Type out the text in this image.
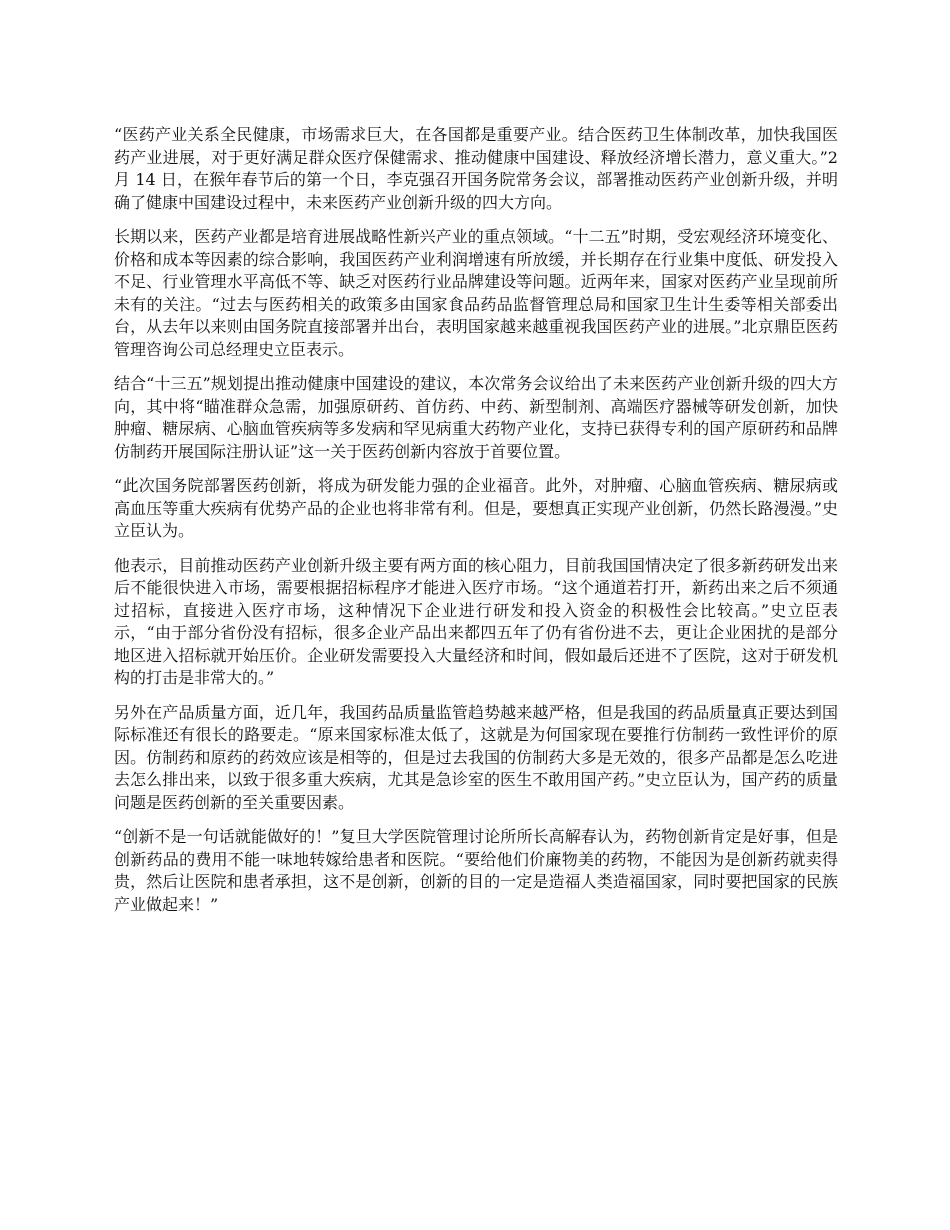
“医药产业关系全民健康，市场需求巨大，在各国都是重要产业。结合医药卫生体制改革，加快我国医药产业进展，对于更好满足群众医疗保健需求、推动健康中国建设、释放经济增长潜力，意义重大。”2 月 14 日，在猴年春节后的第一个日，李克强召开国务院常务会议，部署推动医药产业创新升级，并明确了健康中国建设过程中，未来医药产业创新升级的四大方向。

长期以来，医药产业都是培育进展战略性新兴产业的重点领域。“十二五”时期，受宏观经济环境变化、价格和成本等因素的综合影响，我国医药产业利润增速有所放缓，并长期存在行业集中度低、研发投入不足、行业管理水平高低不等、缺乏对医药行业品牌建设等问题。近两年来，国家对医药产业呈现前所未有的关注。“过去与医药相关的政策多由国家食品药品监督管理总局和国家卫生计生委等相关部委出台，从去年以来则由国务院直接部署并出台，表明国家越来越重视我国医药产业的进展。”北京鼎臣医药管理咨询公司总经理史立臣表示。

结合“十三五”规划提出推动健康中国建设的建议，本次常务会议给出了未来医药产业创新升级的四大方向，其中将“瞄准群众急需，加强原研药、首仿药、中药、新型制剂、高端医疗器械等研发创新，加快肿瘤、糖尿病、心脑血管疾病等多发病和罕见病重大药物产业化，支持已获得专利的国产原研药和品牌仿制药开展国际注册认证”这一关于医药创新内容放于首要位置。

“此次国务院部署医药创新，将成为研发能力强的企业福音。此外，对肿瘤、心脑血管疾病、糖尿病或高血压等重大疾病有优势产品的企业也将非常有利。但是，要想真正实现产业创新，仍然长路漫漫。”史立臣认为。

他表示，目前推动医药产业创新升级主要有两方面的核心阻力，目前我国国情决定了很多新药研发出来后不能很快进入市场，需要根据招标程序才能进入医疗市场。“这个通道若打开，新药出来之后不须通过招标，直接进入医疗市场，这种情况下企业进行研发和投入资金的积极性会比较高。”史立臣表示，“由于部分省份没有招标，很多企业产品出来都四五年了仍有省份进不去，更让企业困扰的是部分地区进入招标就开始压价。企业研发需要投入大量经济和时间，假如最后还进不了医院，这对于研发机构的打击是非常大的。”

另外在产品质量方面，近几年，我国药品质量监管趋势越来越严格，但是我国的药品质量真正要达到国际标准还有很长的路要走。“原来国家标准太低了，这就是为何国家现在要推行仿制药一致性评价的原因。仿制药和原药的药效应该是相等的，但是过去我国的仿制药大多是无效的，很多产品都是怎么吃进去怎么排出来，以致于很多重大疾病，尤其是急诊室的医生不敢用国产药。”史立臣认为，国产药的质量问题是医药创新的至关重要因素。

“创新不是一句话就能做好的！”复旦大学医院管理讨论所所长高解春认为，药物创新肯定是好事，但是创新药品的费用不能一味地转嫁给患者和医院。“要给他们价廉物美的药物，不能因为是创新药就卖得贵，然后让医院和患者承担，这不是创新，创新的目的一定是造福人类造福国家，同时要把国家的民族产业做起来！”
